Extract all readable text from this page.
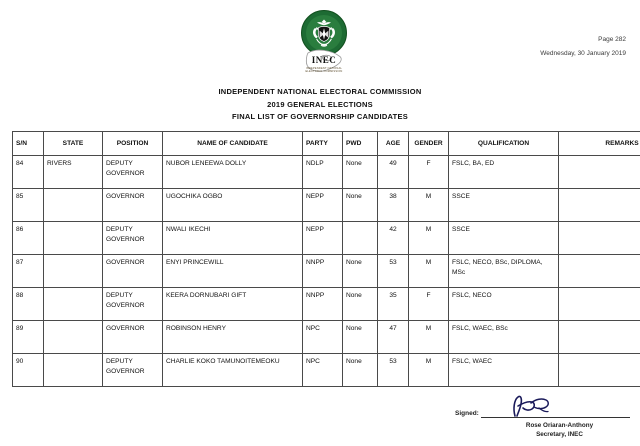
INEC
INDEPENDENT NATIONAL ELECTORAL COMMISSION
Page 282
Wednesday, 30 January 2019
INDEPENDENT NATIONAL ELECTORAL COMMISSION
2019 GENERAL ELECTIONS
FINAL LIST OF GOVERNORSHIP CANDIDATES
S/N	STATE	POSITION	NAME OF CANDIDATE	PARTY	PWD	AGE	GENDER	QUALIFICATION	REMARKS
84	RIVERS	DEPUTY GOVERNOR	NUBOR LENEEWA DOLLY	NDLP	None	49	F	FSLC, BA, ED	
85		GOVERNOR	UGOCHIKA OGBO	NEPP	None	38	M	SSCE	
86		DEPUTY GOVERNOR	NWALI IKECHI	NEPP		42	M	SSCE	
87		GOVERNOR	ENYI PRINCEWILL	NNPP	None	53	M	FSLC, NECO, BSc, DIPLOMA, MSc	
88		DEPUTY GOVERNOR	KEERA DORNUBARI GIFT	NNPP	None	35	F	FSLC, NECO	
89		GOVERNOR	ROBINSON HENRY	NPC	None	47	M	FSLC, WAEC, BSc	
90		DEPUTY GOVERNOR	CHARLIE KOKO TAMUNOITEMEOKU	NPC	None	53	M	FSLC, WAEC	
Signed:
Rose Oriaran-Anthony
Secretary, INEC
